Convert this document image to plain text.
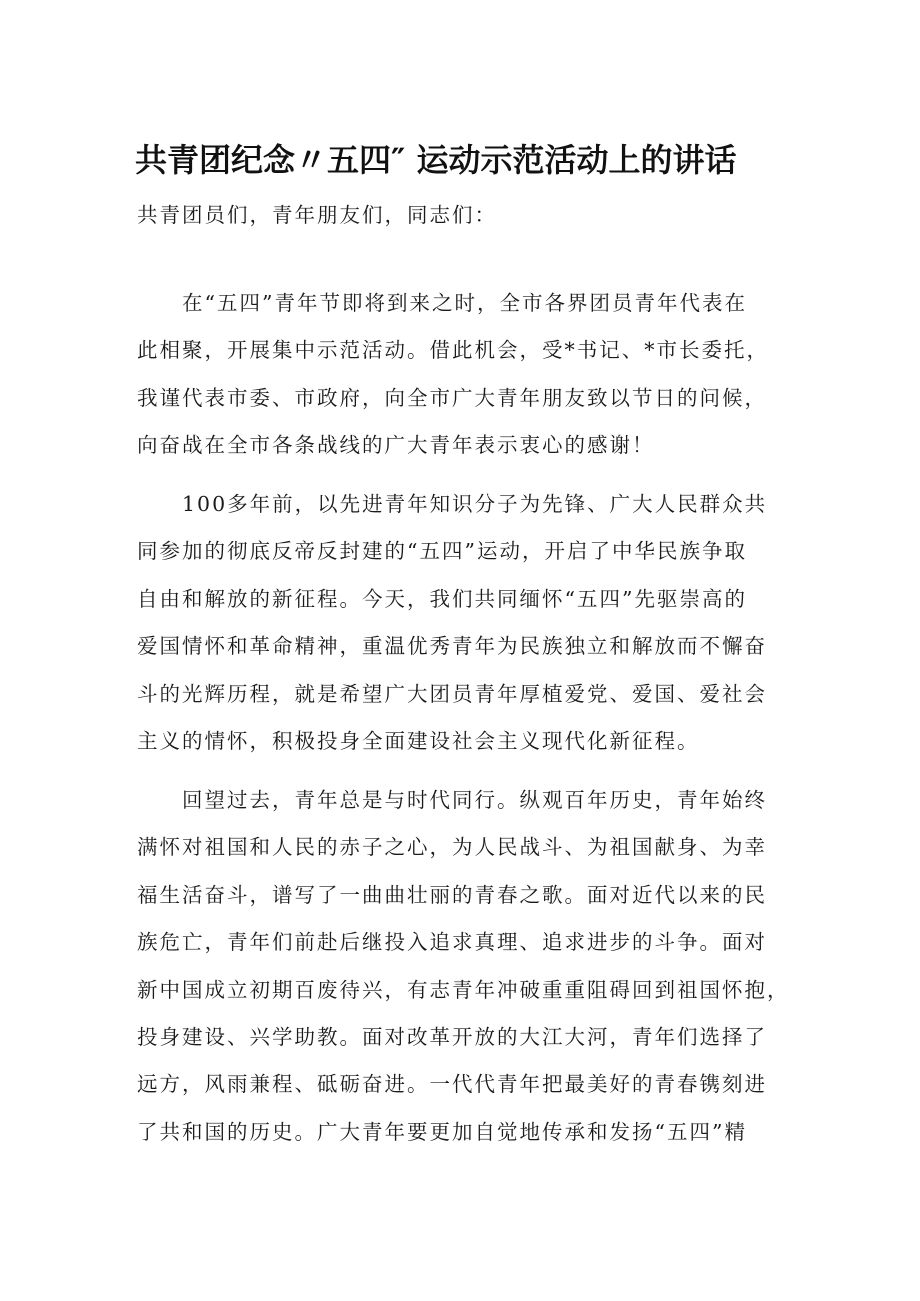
共青团纪念〃五四″ 运动示范活动上的讲话
共青团员们，青年朋友们，同志们：
在“五四”青年节即将到来之时，全市各界团员青年代表在
此相聚，开展集中示范活动。借此机会，受*书记、*市长委托，
我谨代表市委、市政府，向全市广大青年朋友致以节日的问候，
向奋战在全市各条战线的广大青年表示衷心的感谢！
100多年前，以先进青年知识分子为先锋、广大人民群众共
同参加的彻底反帝反封建的“五四”运动，开启了中华民族争取
自由和解放的新征程。今天，我们共同缅怀“五四”先驱崇高的
爱国情怀和革命精神，重温优秀青年为民族独立和解放而不懈奋
斗的光辉历程，就是希望广大团员青年厚植爱党、爱国、爱社会
主义的情怀，积极投身全面建设社会主义现代化新征程。
回望过去，青年总是与时代同行。纵观百年历史，青年始终
满怀对祖国和人民的赤子之心，为人民战斗、为祖国献身、为幸
福生活奋斗，谱写了一曲曲壮丽的青春之歌。面对近代以来的民
族危亡，青年们前赴后继投入追求真理、追求进步的斗争。面对
新中国成立初期百废待兴，有志青年冲破重重阻碍回到祖国怀抱，
投身建设、兴学助教。面对改革开放的大江大河，青年们选择了
远方，风雨兼程、砥砺奋进。一代代青年把最美好的青春镌刻进
了共和国的历史。广大青年要更加自觉地传承和发扬“五四”精
